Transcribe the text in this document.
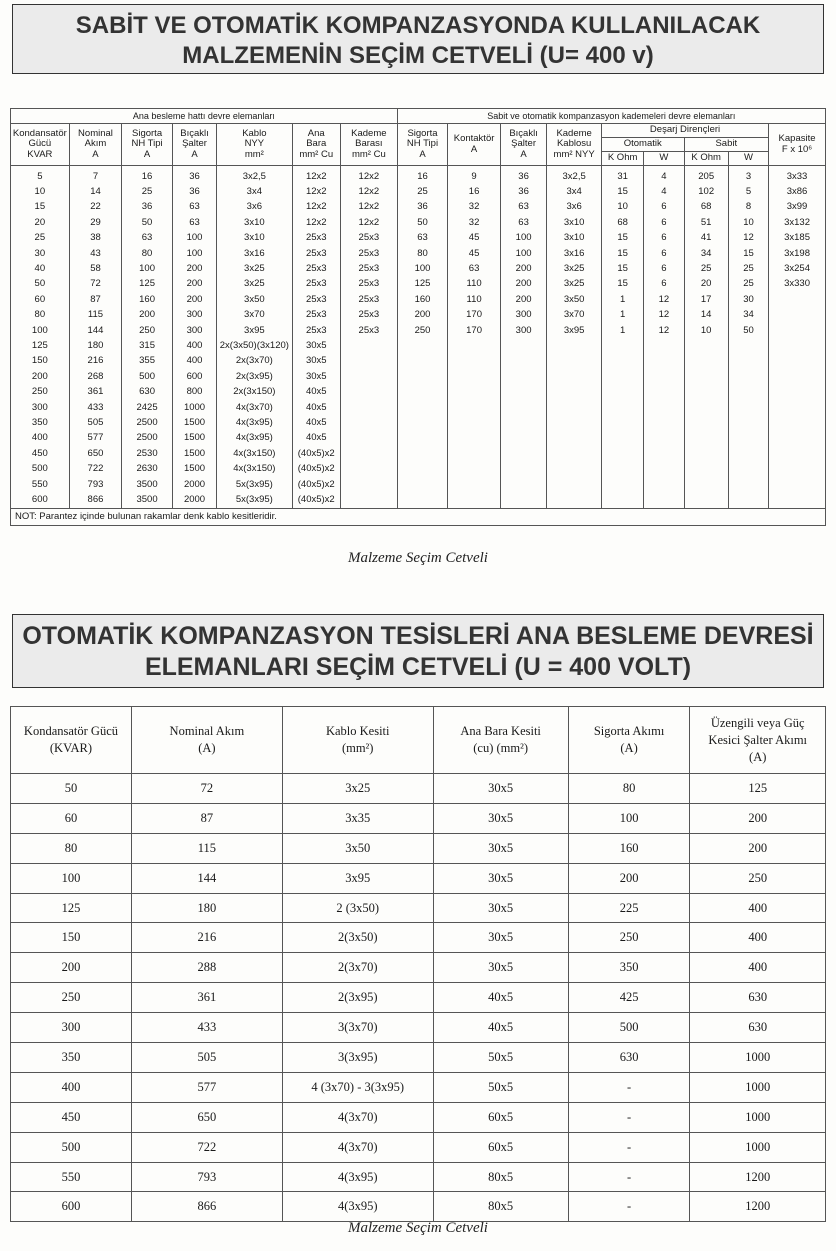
SABİT VE OTOMATİK KOMPANZASYONDA KULLANILACAK
MALZEMENİN SEÇİM CETVELİ (U= 400 v)
Ana besleme hattı devre elemanları							Sabit ve otomatik kompanzasyon kademeleri devre elemanları								
Kondansatör
Gücü
KVAR	Nominal
Akım
A	Sigorta
NH Tipi
A	Bıçaklı
Şalter
A	Kablo
NYY
mm²	Ana
Bara
mm² Cu	Kademe
Barası
mm² Cu	Sigorta
NH Tipi
A	Kontaktör
A	Bıçaklı
Şalter
A	Kademe
Kablosu
mm² NYY	Deşarj Dirençleri				Kapasite
F x 10⁶
											Otomatik		Sabit		
											K Ohm	W	K Ohm	W	
5	7	16	36	3x2,5	12x2	12x2	16	9	36	3x2,5	31	4	205	3	3x33
10	14	25	36	3x4	12x2	12x2	25	16	36	3x4	15	4	102	5	3x86
15	22	36	63	3x6	12x2	12x2	36	32	63	3x6	10	6	68	8	3x99
20	29	50	63	3x10	12x2	12x2	50	32	63	3x10	68	6	51	10	3x132
25	38	63	100	3x10	25x3	25x3	63	45	100	3x10	15	6	41	12	3x185
30	43	80	100	3x16	25x3	25x3	80	45	100	3x16	15	6	34	15	3x198
40	58	100	200	3x25	25x3	25x3	100	63	200	3x25	15	6	25	25	3x254
50	72	125	200	3x25	25x3	25x3	125	110	200	3x25	15	6	20	25	3x330
60	87	160	200	3x50	25x3	25x3	160	110	200	3x50	1	12	17	30	
80	115	200	300	3x70	25x3	25x3	200	170	300	3x70	1	12	14	34	
100	144	250	300	3x95	25x3	25x3	250	170	300	3x95	1	12	10	50	
125	180	315	400	2x(3x50)(3x120)	30x5										
150	216	355	400	2x(3x70)	30x5										
200	268	500	600	2x(3x95)	30x5										
250	361	630	800	2x(3x150)	40x5										
300	433	2425	1000	4x(3x70)	40x5										
350	505	2500	1500	4x(3x95)	40x5										
400	577	2500	1500	4x(3x95)	40x5										
450	650	2530	1500	4x(3x150)	(40x5)x2										
500	722	2630	1500	4x(3x150)	(40x5)x2										
550	793	3500	2000	5x(3x95)	(40x5)x2										
600	866	3500	2000	5x(3x95)	(40x5)x2										
NOT: Parantez içinde bulunan rakamlar denk kablo kesitleridir.															
Malzeme Seçim Cetveli
OTOMATİK KOMPANZASYON TESİSLERİ ANA BESLEME DEVRESİ
ELEMANLARI SEÇİM CETVELİ (U = 400 VOLT)
Kondansatör Gücü
(KVAR)	Nominal Akım
(A)	Kablo Kesiti
(mm²)	Ana Bara Kesiti
(cu) (mm²)	Sigorta Akımı
(A)	Üzengili veya Güç
Kesici Şalter Akımı
(A)
50	72	3x25	30x5	80	125
60	87	3x35	30x5	100	200
80	115	3x50	30x5	160	200
100	144	3x95	30x5	200	250
125	180	2 (3x50)	30x5	225	400
150	216	2(3x50)	30x5	250	400
200	288	2(3x70)	30x5	350	400
250	361	2(3x95)	40x5	425	630
300	433	3(3x70)	40x5	500	630
350	505	3(3x95)	50x5	630	1000
400	577	4 (3x70) - 3(3x95)	50x5	-	1000
450	650	4(3x70)	60x5	-	1000
500	722	4(3x70)	60x5	-	1000
550	793	4(3x95)	80x5	-	1200
600	866	4(3x95)	80x5	-	1200
Malzeme Seçim Cetveli
